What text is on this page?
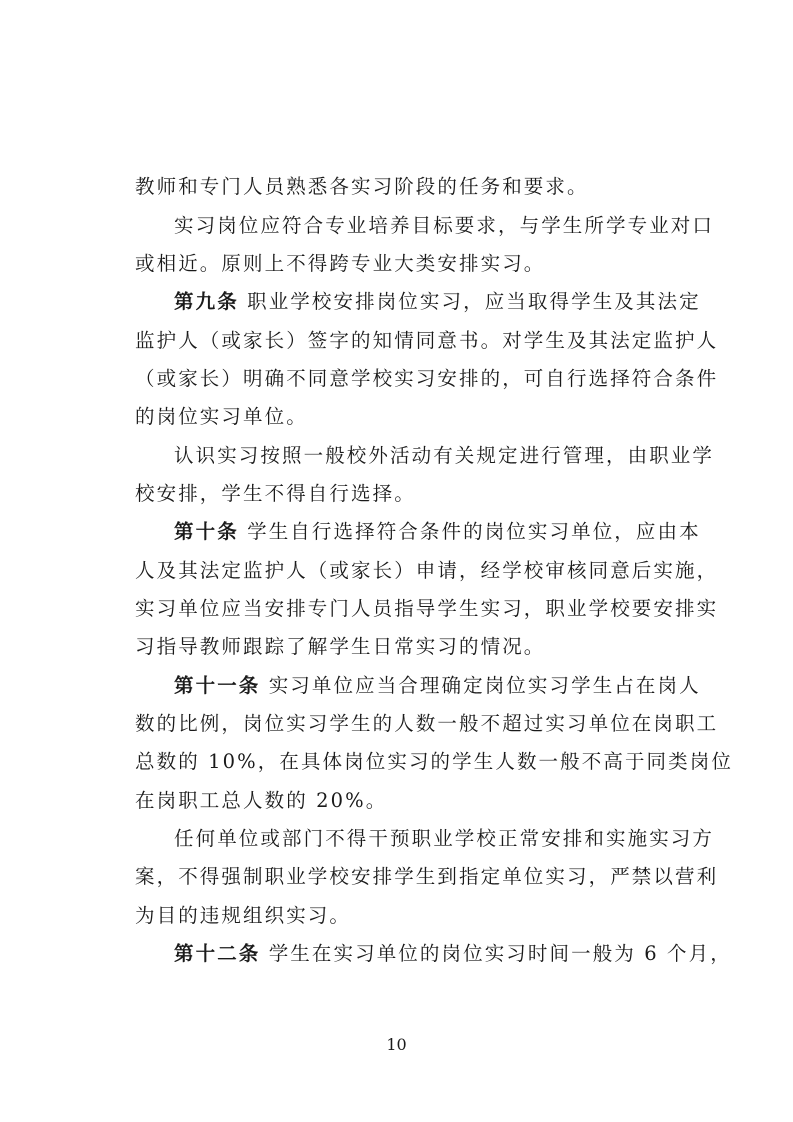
教师和专门人员熟悉各实习阶段的任务和要求。
实习岗位应符合专业培养目标要求，与学生所学专业对口
或相近。原则上不得跨专业大类安排实习。
第九条 职业学校安排岗位实习，应当取得学生及其法定
监护人（或家长）签字的知情同意书。对学生及其法定监护人
（或家长）明确不同意学校实习安排的，可自行选择符合条件
的岗位实习单位。
认识实习按照一般校外活动有关规定进行管理，由职业学
校安排，学生不得自行选择。
第十条 学生自行选择符合条件的岗位实习单位，应由本
人及其法定监护人（或家长）申请，经学校审核同意后实施，
实习单位应当安排专门人员指导学生实习，职业学校要安排实
习指导教师跟踪了解学生日常实习的情况。
第十一条 实习单位应当合理确定岗位实习学生占在岗人
数的比例，岗位实习学生的人数一般不超过实习单位在岗职工
总数的 10%，在具体岗位实习的学生人数一般不高于同类岗位
在岗职工总人数的 20%。
任何单位或部门不得干预职业学校正常安排和实施实习方
案，不得强制职业学校安排学生到指定单位实习，严禁以营利
为目的违规组织实习。
第十二条 学生在实习单位的岗位实习时间一般为 6 个月，
10
